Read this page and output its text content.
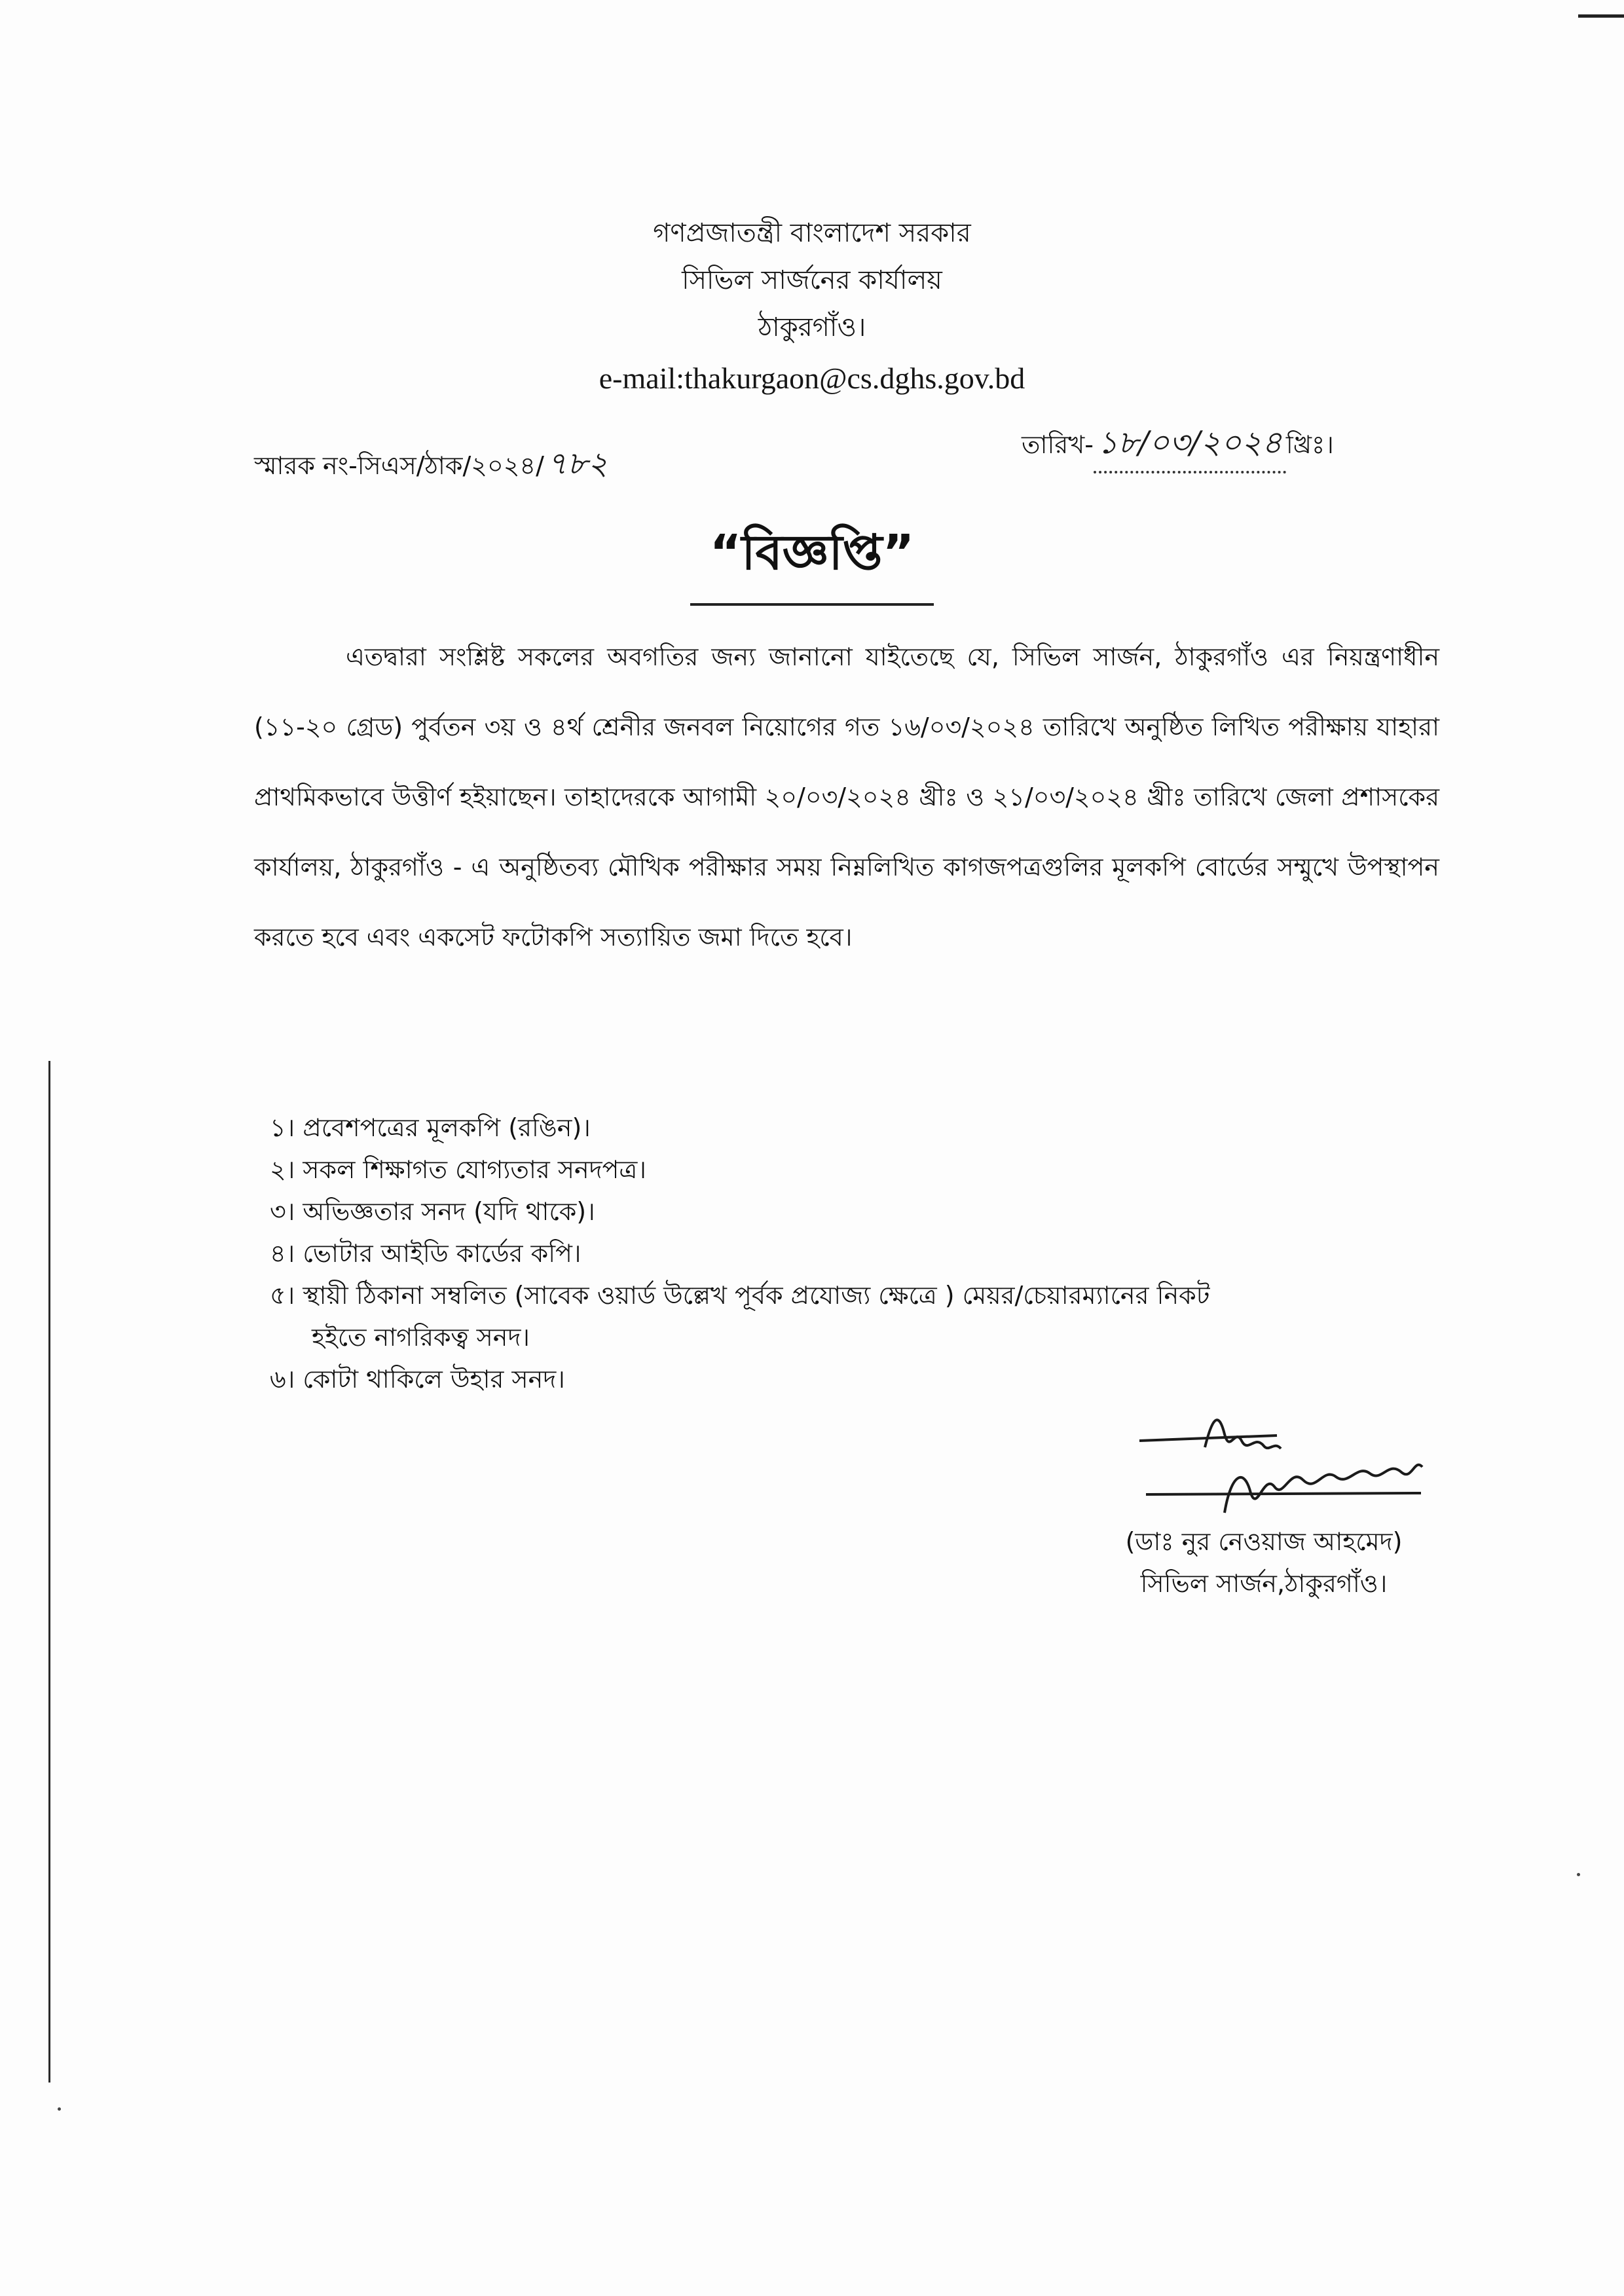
গণপ্রজাতন্ত্রী বাংলাদেশ সরকার
সিভিল সার্জনের কার্যালয়
ঠাকুরগাঁও।
e-mail:thakurgaon@cs.dghs.gov.bd
স্মারক নং-সিএস/ঠাক/২০২৪/৭৮২
তারিখ- ১৮/০৩/২০২৪ খ্রিঃ।
“বিজ্ঞপ্তি”
এতদ্বারা সংশ্লিষ্ট সকলের অবগতির জন্য জানানো যাইতেছে যে, সিভিল সার্জন, ঠাকুরগাঁও এর নিয়ন্ত্রণাধীন (১১-২০ গ্রেড) পুর্বতন ৩য় ও ৪র্থ শ্রেনীর জনবল নিয়োগের গত ১৬/০৩/২০২৪ তারিখে অনুষ্ঠিত লিখিত পরীক্ষায় যাহারা প্রাথমিকভাবে উত্তীর্ণ হইয়াছেন। তাহাদেরকে আগামী ২০/০৩/২০২৪ খ্রীঃ ও ২১/০৩/২০২৪ খ্রীঃ তারিখে জেলা প্রশাসকের কার্যালয়, ঠাকুরগাঁও - এ অনুষ্ঠিতব্য মৌখিক পরীক্ষার সময় নিম্নলিখিত কাগজপত্রগুলির মূলকপি বোর্ডের সম্মুখে উপস্থাপন করতে হবে এবং একসেট ফটোকপি সত্যায়িত জমা দিতে হবে।
১। প্রবেশপত্রের মূলকপি (রঙিন)।
২। সকল শিক্ষাগত যোগ্যতার সনদপত্র।
৩। অভিজ্ঞতার সনদ (যদি থাকে)।
৪। ভোটার আইডি কার্ডের কপি।
৫। স্থায়ী ঠিকানা সম্বলিত (সাবেক ওয়ার্ড উল্লেখ পূর্বক প্রযোজ্য ক্ষেত্রে ) মেয়র/চেয়ারম্যানের নিকট
হইতে নাগরিকত্ব সনদ।
৬। কোটা থাকিলে উহার সনদ।
(ডাঃ নুর নেওয়াজ আহমেদ)
সিভিল সার্জন,ঠাকুরগাঁও।
